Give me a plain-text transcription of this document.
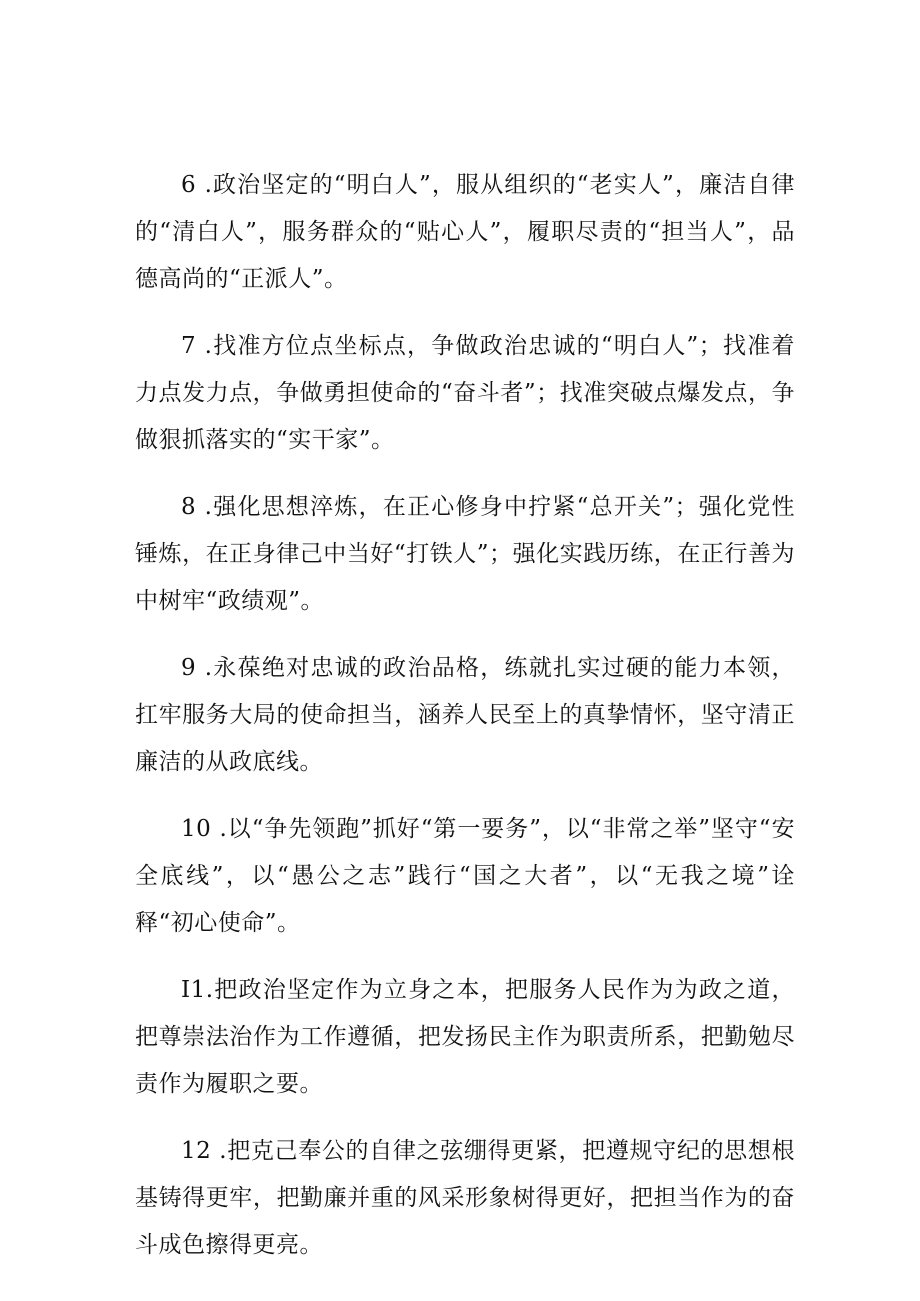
6 .政治坚定的“明白人”，服从组织的“老实人”，廉洁自律的“清白人”，服务群众的“贴心人”，履职尽责的“担当人”，品德高尚的“正派人”。

7 .找准方位点坐标点，争做政治忠诚的“明白人”；找准着力点发力点，争做勇担使命的“奋斗者”；找准突破点爆发点，争做狠抓落实的“实干家”。

8 .强化思想淬炼，在正心修身中拧紧“总开关”；强化党性锤炼，在正身律己中当好“打铁人”；强化实践历练，在正行善为中树牢“政绩观”。

9 .永葆绝对忠诚的政治品格，练就扎实过硬的能力本领，扛牢服务大局的使命担当，涵养人民至上的真挚情怀，坚守清正廉洁的从政底线。

10 .以“争先领跑”抓好“第一要务”，以“非常之举”坚守“安全底线”，以“愚公之志”践行“国之大者”，以“无我之境”诠释“初心使命”。

I1.把政治坚定作为立身之本，把服务人民作为为政之道，把尊崇法治作为工作遵循，把发扬民主作为职责所系，把勤勉尽责作为履职之要。

12 .把克己奉公的自律之弦绷得更紧，把遵规守纪的思想根基铸得更牢，把勤廉并重的风采形象树得更好，把担当作为的奋斗成色擦得更亮。
